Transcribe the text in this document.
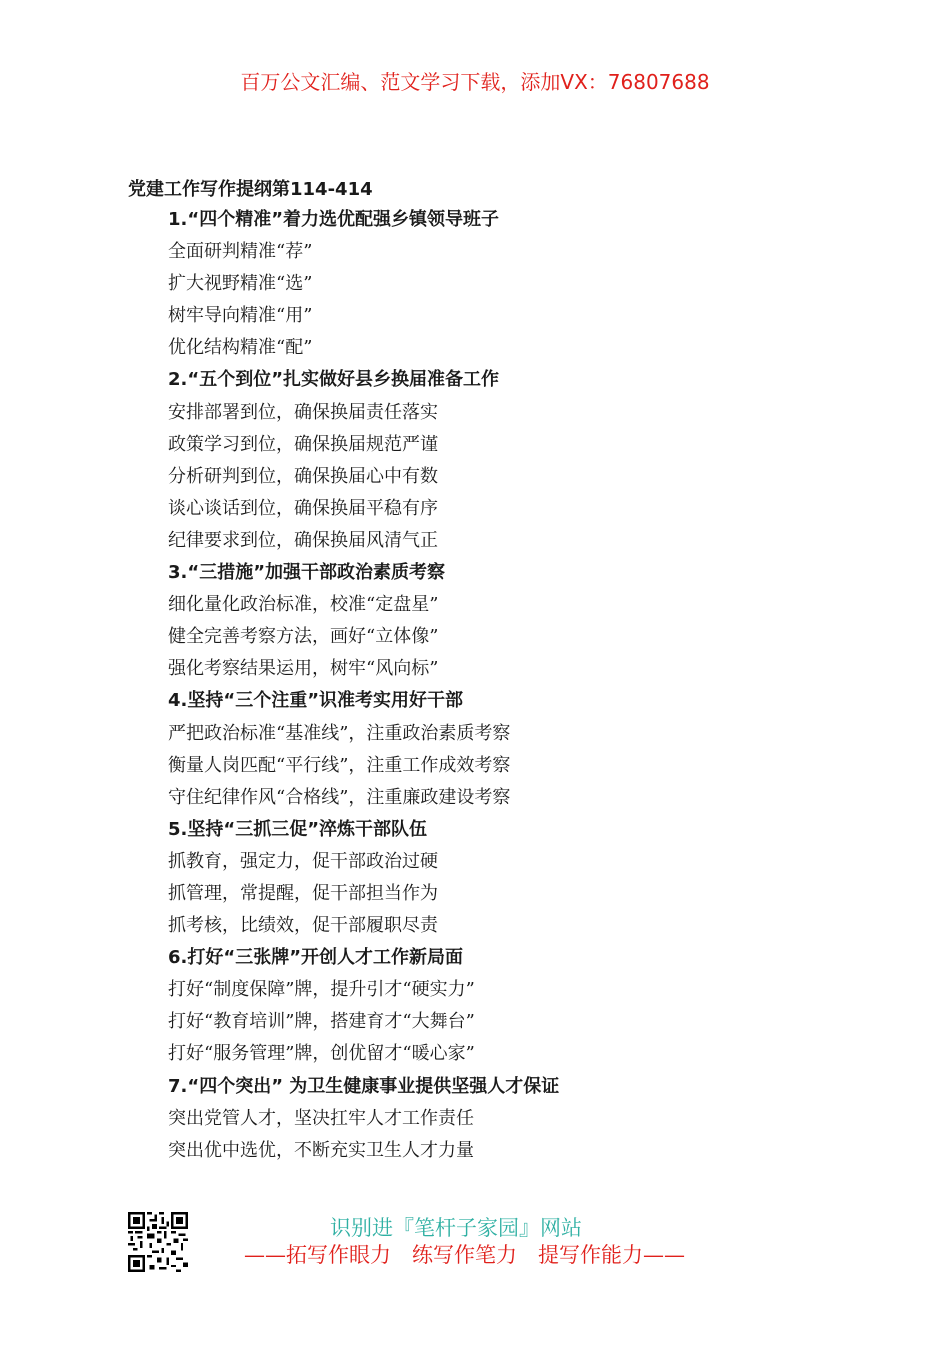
百万公文汇编、范文学习下载，添加VX：76807688
党建工作写作提纲第114-414
1.“四个精准”着力选优配强乡镇领导班子
全面研判精准“荐”
扩大视野精准“选”
树牢导向精准“用”
优化结构精准“配”
2.“五个到位”扎实做好县乡换届准备工作
安排部署到位，确保换届责任落实
政策学习到位，确保换届规范严谨
分析研判到位，确保换届心中有数
谈心谈话到位，确保换届平稳有序
纪律要求到位，确保换届风清气正
3.“三措施”加强干部政治素质考察
细化量化政治标准，校准“定盘星”
健全完善考察方法，画好“立体像”
强化考察结果运用，树牢“风向标”
4.坚持“三个注重”识准考实用好干部
严把政治标准“基准线”，注重政治素质考察
衡量人岗匹配“平行线”，注重工作成效考察
守住纪律作风“合格线”，注重廉政建设考察
5.坚持“三抓三促”淬炼干部队伍
抓教育，强定力，促干部政治过硬
抓管理，常提醒，促干部担当作为
抓考核，比绩效，促干部履职尽责
6.打好“三张牌”开创人才工作新局面
打好“制度保障”牌，提升引才“硬实力”
打好“教育培训”牌，搭建育才“大舞台”
打好“服务管理”牌，创优留才“暖心家”
7.“四个突出” 为卫生健康事业提供坚强人才保证
突出党管人才，坚决扛牢人才工作责任
突出优中选优，不断充实卫生人才力量
识别进『笔杆子家园』网站
——拓写作眼力　练写作笔力　提写作能力——
